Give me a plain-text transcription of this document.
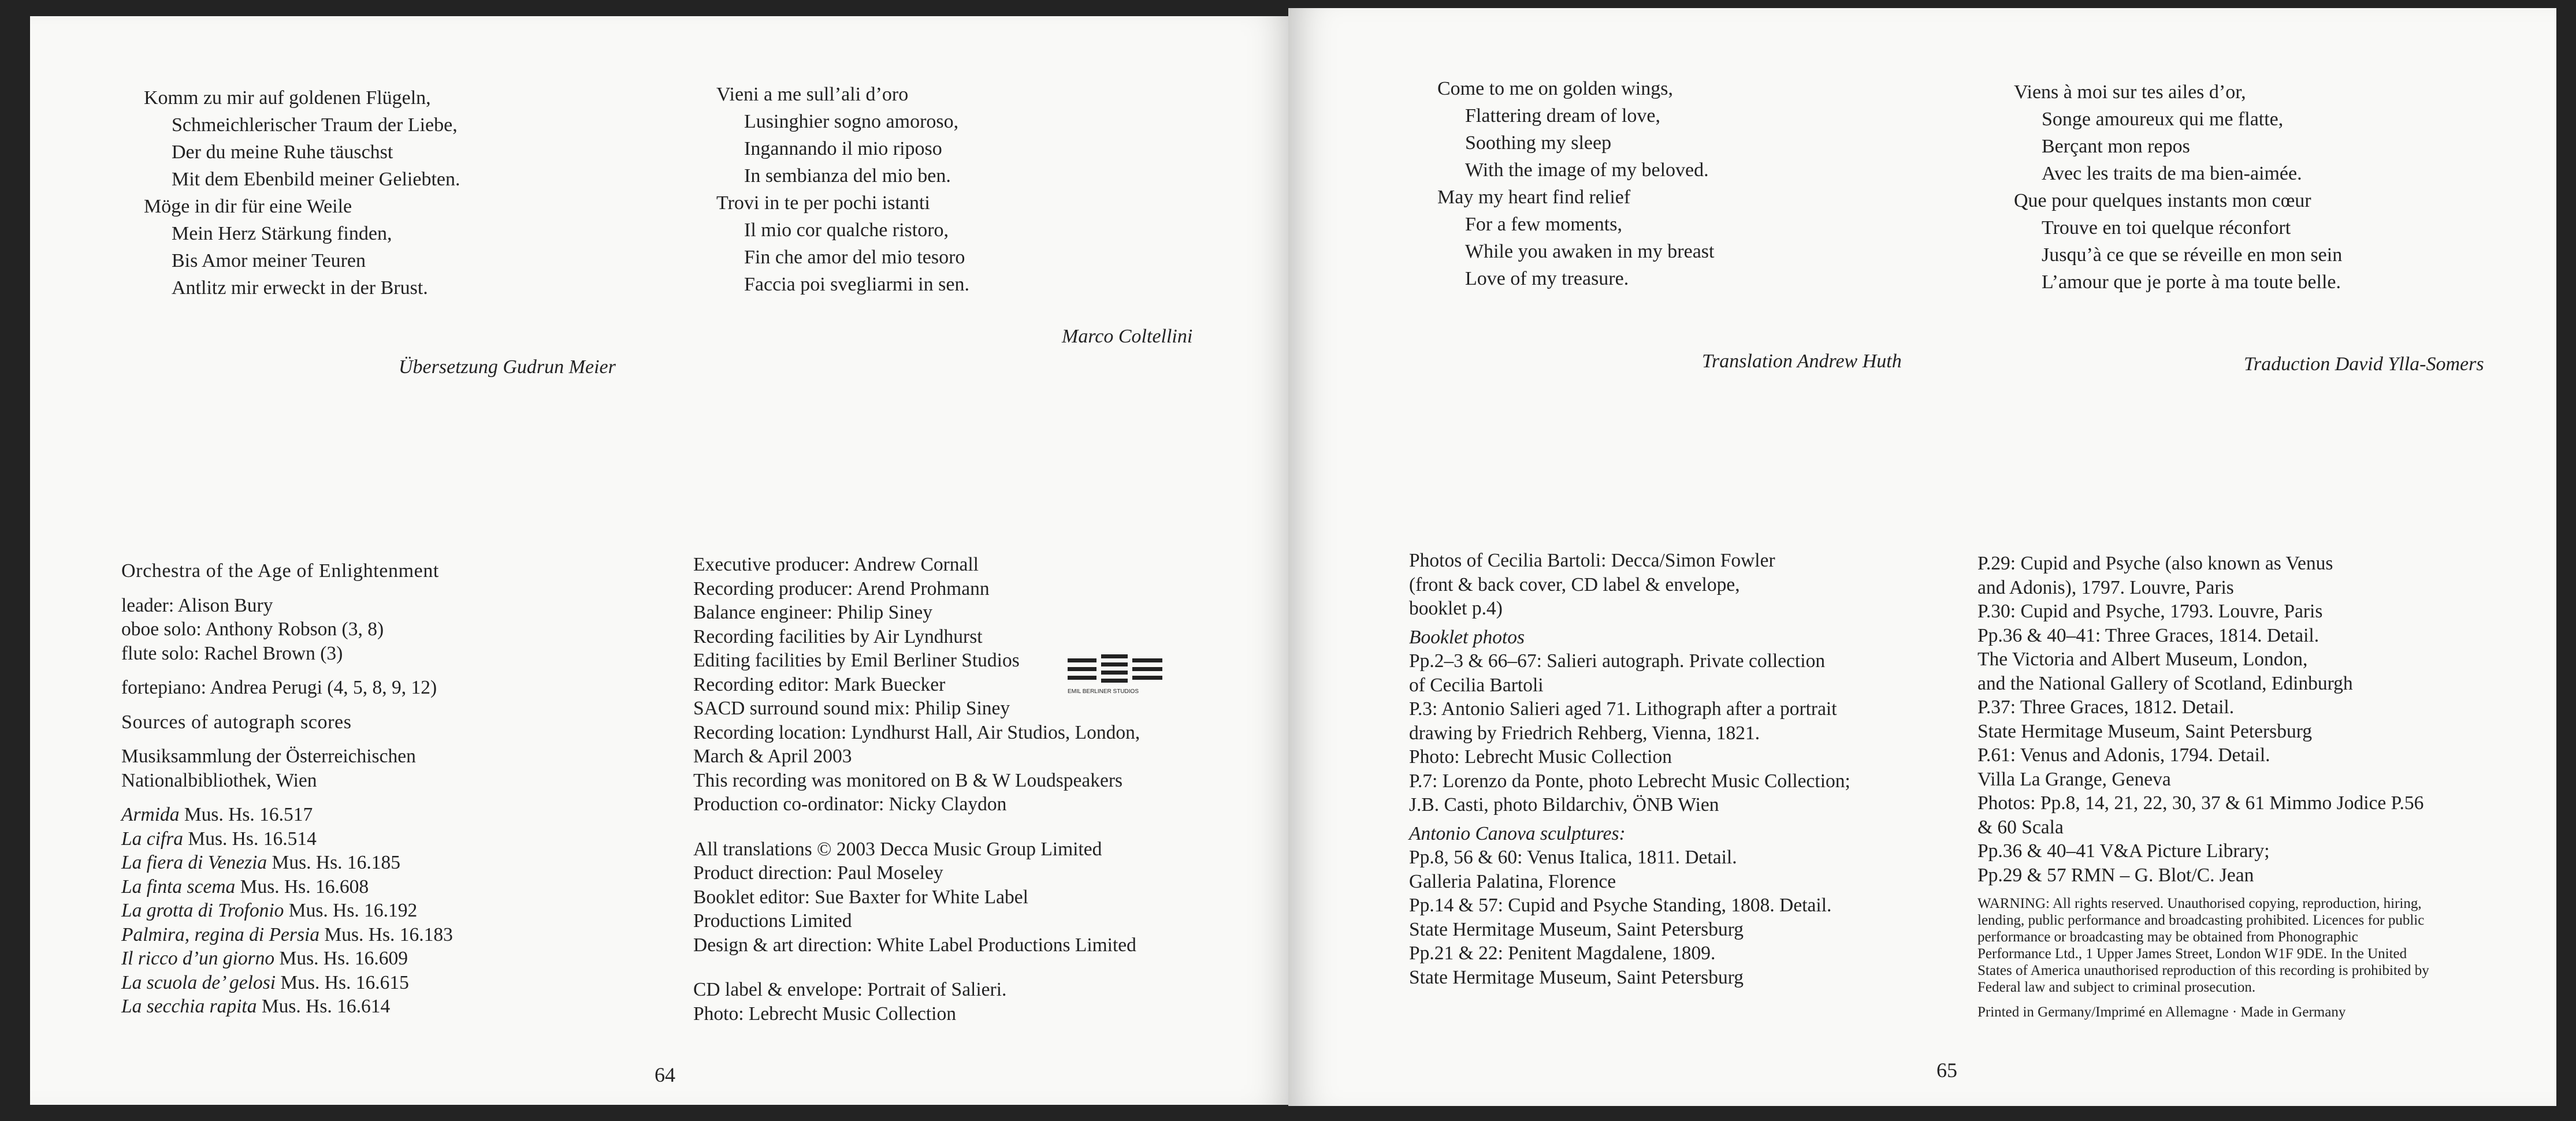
Komm zu mir auf goldenen Flügeln,
Schmeichlerischer Traum der Liebe,
Der du meine Ruhe täuschst
Mit dem Ebenbild meiner Geliebten.
Möge in dir für eine Weile
Mein Herz Stärkung finden,
Bis Amor meiner Teuren
Antlitz mir erweckt in der Brust.
Übersetzung Gudrun Meier
Vieni a me sull’ali d’oro
Lusinghier sogno amoroso,
Ingannando il mio riposo
In sembianza del mio ben.
Trovi in te per pochi istanti
Il mio cor qualche ristoro,
Fin che amor del mio tesoro
Faccia poi svegliarmi in sen.
Marco Coltellini
Orchestra of the Age of Enlightenment
leader: Alison Bury
oboe solo: Anthony Robson (3, 8)
flute solo: Rachel Brown (3)
fortepiano: Andrea Perugi (4, 5, 8, 9, 12)
Sources of autograph scores
Musiksammlung der Österreichischen
Nationalbibliothek, Wien
Armida Mus. Hs. 16.517
La cifra Mus. Hs. 16.514
La fiera di Venezia Mus. Hs. 16.185
La finta scema Mus. Hs. 16.608
La grotta di Trofonio Mus. Hs. 16.192
Palmira, regina di Persia Mus. Hs. 16.183
Il ricco d’un giorno Mus. Hs. 16.609
La scuola de’ gelosi Mus. Hs. 16.615
La secchia rapita Mus. Hs. 16.614
Executive producer: Andrew Cornall
Recording producer: Arend Prohmann
Balance engineer: Philip Siney
Recording facilities by Air Lyndhurst
Editing facilities by Emil Berliner Studios
Recording editor: Mark Buecker
SACD surround sound mix: Philip Siney
Recording location: Lyndhurst Hall, Air Studios, London,
March & April 2003
This recording was monitored on B & W Loudspeakers
Production co-ordinator: Nicky Claydon
All translations © 2003 Decca Music Group Limited
Product direction: Paul Moseley
Booklet editor: Sue Baxter for White Label
Productions Limited
Design & art direction: White Label Productions Limited
CD label & envelope: Portrait of Salieri.
Photo: Lebrecht Music Collection
EMIL BERLINER STUDIOS
64
Come to me on golden wings,
Flattering dream of love,
Soothing my sleep
With the image of my beloved.
May my heart find relief
For a few moments,
While you awaken in my breast
Love of my treasure.
Translation Andrew Huth
Viens à moi sur tes ailes d’or,
Songe amoureux qui me flatte,
Berçant mon repos
Avec les traits de ma bien-aimée.
Que pour quelques instants mon cœur
Trouve en toi quelque réconfort
Jusqu’à ce que se réveille en mon sein
L’amour que je porte à ma toute belle.
Traduction David Ylla-Somers
Photos of Cecilia Bartoli: Decca/Simon Fowler
(front & back cover, CD label & envelope,
booklet p.4)
Booklet photos
Pp.2–3 & 66–67: Salieri autograph. Private collection
of Cecilia Bartoli
P.3: Antonio Salieri aged 71. Lithograph after a portrait
drawing by Friedrich Rehberg, Vienna, 1821.
Photo: Lebrecht Music Collection
P.7: Lorenzo da Ponte, photo Lebrecht Music Collection;
J.B. Casti, photo Bildarchiv, ÖNB Wien
Antonio Canova sculptures:
Pp.8, 56 & 60: Venus Italica, 1811. Detail.
Galleria Palatina, Florence
Pp.14 & 57: Cupid and Psyche Standing, 1808. Detail.
State Hermitage Museum, Saint Petersburg
Pp.21 & 22: Penitent Magdalene, 1809.
State Hermitage Museum, Saint Petersburg
P.29: Cupid and Psyche (also known as Venus
and Adonis), 1797. Louvre, Paris
P.30: Cupid and Psyche, 1793. Louvre, Paris
Pp.36 & 40–41: Three Graces, 1814. Detail.
The Victoria and Albert Museum, London,
and the National Gallery of Scotland, Edinburgh
P.37: Three Graces, 1812. Detail.
State Hermitage Museum, Saint Petersburg
P.61: Venus and Adonis, 1794. Detail.
Villa La Grange, Geneva
Photos: Pp.8, 14, 21, 22, 30, 37 & 61 Mimmo Jodice P.56
& 60 Scala
Pp.36 & 40–41 V&A Picture Library;
Pp.29 & 57 RMN – G. Blot/C. Jean
WARNING: All rights reserved. Unauthorised copying, reproduction, hiring,
lending, public performance and broadcasting prohibited. Licences for public
performance or broadcasting may be obtained from Phonographic
Performance Ltd., 1 Upper James Street, London W1F 9DE. In the United
States of America unauthorised reproduction of this recording is prohibited by
Federal law and subject to criminal prosecution.
Printed in Germany/Imprimé en Allemagne · Made in Germany
65
